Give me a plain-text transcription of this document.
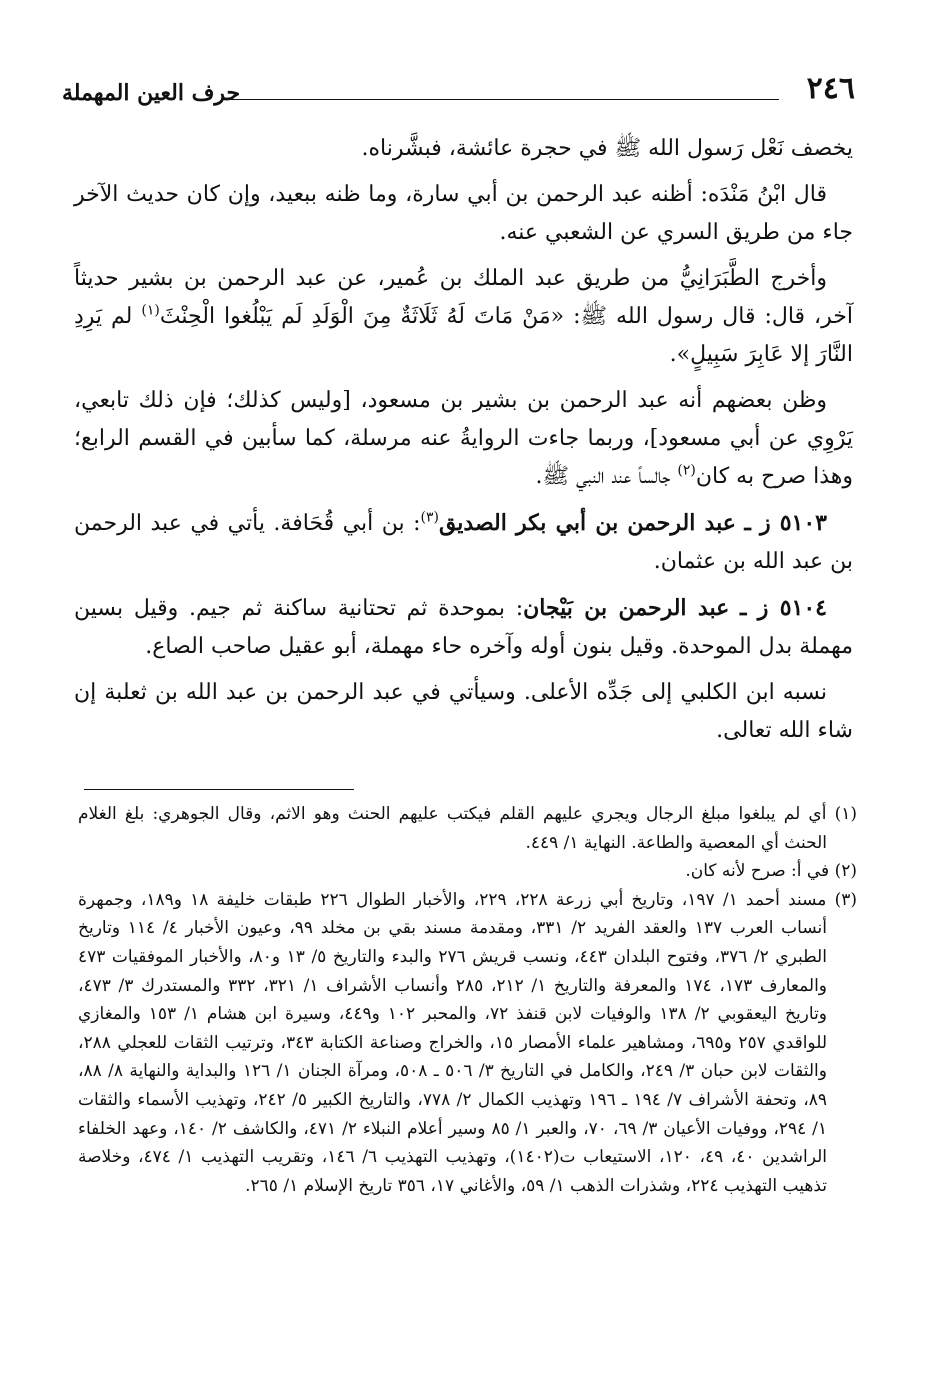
٢٤٦
حرف العين المهملة

يخصف نَعْل رَسول الله ﷺ في حجرة عائشة، فبشَّرناه.

قال ابْنُ مَنْدَه: أظنه عبد الرحمن بن أبي سارة، وما ظنه ببعيد، وإن كان حديث الآخر جاء من طريق السري عن الشعبي عنه.

وأخرج الطَّبَرَانِيُّ من طريق عبد الملك بن عُمير، عن عبد الرحمن بن بشير حديثاً آخر، قال: قال رسول الله ﷺ: «مَنْ مَاتَ لَهُ ثَلَاثَةٌ مِنَ الْوَلَدِ لَم يَبْلُغوا الْحِنْثَ$^{(١)}$ لم يَرِدِ النَّارَ إلا عَابِرَ سَبِيلٍ».

وظن بعضهم أنه عبد الرحمن بن بشير بن مسعود، [وليس كذلك؛ فإن ذلك تابعي، يَرْوِي عن أبي مسعود]، وربما جاءت الروايةُ عنه مرسلة، كما سأبين في القسم الرابع؛ وهذا صرح به كان$^{(٢)}$ جالساً عند النبي ﷺ.

٥١٠٣ ز ـ عبد الرحمن بن أبي بكر الصديق$^{(٣)}$: بن أبي قُحَافة. يأتي في عبد الرحمن بن عبد الله بن عثمان.

٥١٠٤ ز ـ عبد الرحمن بن بَيْجان: بموحدة ثم تحتانية ساكنة ثم جيم. وقيل بسين مهملة بدل الموحدة. وقيل بنون أوله وآخره حاء مهملة، أبو عقيل صاحب الصاع.

نسبه ابن الكلبي إلى جَدِّه الأعلى. وسيأتي في عبد الرحمن بن عبد الله بن ثعلبة إن شاء الله تعالى.

(١) أي لم يبلغوا مبلغ الرجال ويجري عليهم القلم فيكتب عليهم الحنث وهو الاثم، وقال الجوهري: بلغ الغلام الحنث أي المعصية والطاعة. النهاية ١/ ٤٤٩.

(٢) في أ: صرح لأنه كان.

(٣) مسند أحمد ١/ ١٩٧، وتاريخ أبي زرعة ٢٢٨، ٢٢٩، والأخبار الطوال ٢٢٦ طبقات خليفة ١٨ و١٨٩، وجمهرة أنساب العرب ١٣٧ والعقد الفريد ٢/ ٣٣١، ومقدمة مسند بقي بن مخلد ٩٩، وعيون الأخبار ٤/ ١١٤ وتاريخ الطبري ٢/ ٣٧٦، وفتوح البلدان ٤٤٣، ونسب قريش ٢٧٦ والبدء والتاريخ ٥/ ١٣ و٨٠، والأخبار الموفقيات ٤٧٣ والمعارف ١٧٣، ١٧٤ والمعرفة والتاريخ ١/ ٢١٢، ٢٨٥ وأنساب الأشراف ١/ ٣٢١، ٣٣٢ والمستدرك ٣/ ٤٧٣، وتاريخ اليعقوبي ٢/ ١٣٨ والوفيات لابن قنفذ ٧٢، والمحبر ١٠٢ و٤٤٩، وسيرة ابن هشام ١/ ١٥٣ والمغازي للواقدي ٢٥٧ و٦٩٥، ومشاهير علماء الأمصار ١٥، والخراج وصناعة الكتابة ٣٤٣، وترتيب الثقات للعجلي ٢٨٨، والثقات لابن حبان ٣/ ٢٤٩، والكامل في التاريخ ٣/ ٥٠٦ ـ ٥٠٨، ومرآة الجنان ١/ ١٢٦ والبداية والنهاية ٨/ ٨٨، ٨٩، وتحفة الأشراف ٧/ ١٩٤ ـ ١٩٦ وتهذيب الكمال ٢/ ٧٧٨، والتاريخ الكبير ٥/ ٢٤٢، وتهذيب الأسماء والثقات ١/ ٢٩٤، ووفيات الأعيان ٣/ ٦٩، ٧٠، والعبر ١/ ٨٥ وسير أعلام النبلاء ٢/ ٤٧١، والكاشف ٢/ ١٤٠، وعهد الخلفاء الراشدين ٤٠، ٤٩، ١٢٠، الاستيعاب ت(١٤٠٢)، وتهذيب التهذيب ٦/ ١٤٦، وتقريب التهذيب ١/ ٤٧٤، وخلاصة تذهيب التهذيب ٢٢٤، وشذرات الذهب ١/ ٥٩، والأغاني ١٧، ٣٥٦ تاريخ الإسلام ١/ ٢٦٥.
